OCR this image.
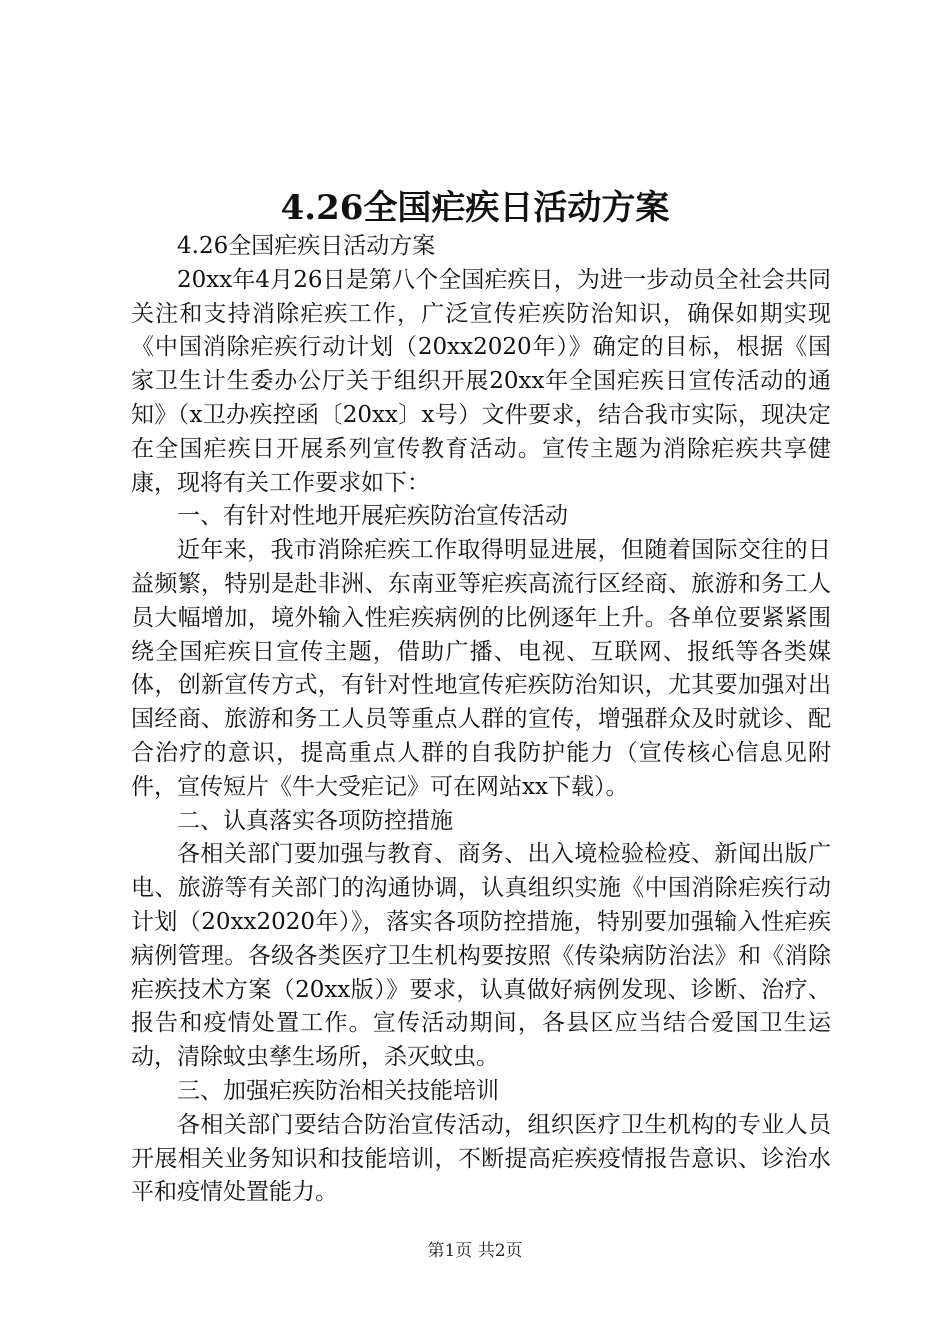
4.26全国疟疾日活动方案

4.26全国疟疾日活动方案

20xx年4月26日是第八个全国疟疾日，为进一步动员全社会共同关注和支持消除疟疾工作，广泛宣传疟疾防治知识，确保如期实现《中国消除疟疾行动计划（20xx2020年）》确定的目标，根据《国家卫生计生委办公厅关于组织开展20xx年全国疟疾日宣传活动的通知》（x卫办疾控函〔20xx〕x号）文件要求，结合我市实际，现决定在全国疟疾日开展系列宣传教育活动。宣传主题为消除疟疾共享健康，现将有关工作要求如下：

一、有针对性地开展疟疾防治宣传活动

近年来，我市消除疟疾工作取得明显进展，但随着国际交往的日益频繁，特别是赴非洲、东南亚等疟疾高流行区经商、旅游和务工人员大幅增加，境外输入性疟疾病例的比例逐年上升。各单位要紧紧围绕全国疟疾日宣传主题，借助广播、电视、互联网、报纸等各类媒体，创新宣传方式，有针对性地宣传疟疾防治知识，尤其要加强对出国经商、旅游和务工人员等重点人群的宣传，增强群众及时就诊、配合治疗的意识，提高重点人群的自我防护能力（宣传核心信息见附件，宣传短片《牛大受疟记》可在网站xx下载）。

二、认真落实各项防控措施

各相关部门要加强与教育、商务、出入境检验检疫、新闻出版广电、旅游等有关部门的沟通协调，认真组织实施《中国消除疟疾行动计划（20xx2020年）》，落实各项防控措施，特别要加强输入性疟疾病例管理。各级各类医疗卫生机构要按照《传染病防治法》和《消除疟疾技术方案（20xx版）》要求，认真做好病例发现、诊断、治疗、报告和疫情处置工作。宣传活动期间，各县区应当结合爱国卫生运动，清除蚊虫孳生场所，杀灭蚊虫。

三、加强疟疾防治相关技能培训

各相关部门要结合防治宣传活动，组织医疗卫生机构的专业人员开展相关业务知识和技能培训，不断提高疟疾疫情报告意识、诊治水平和疫情处置能力。

第1页 共2页
